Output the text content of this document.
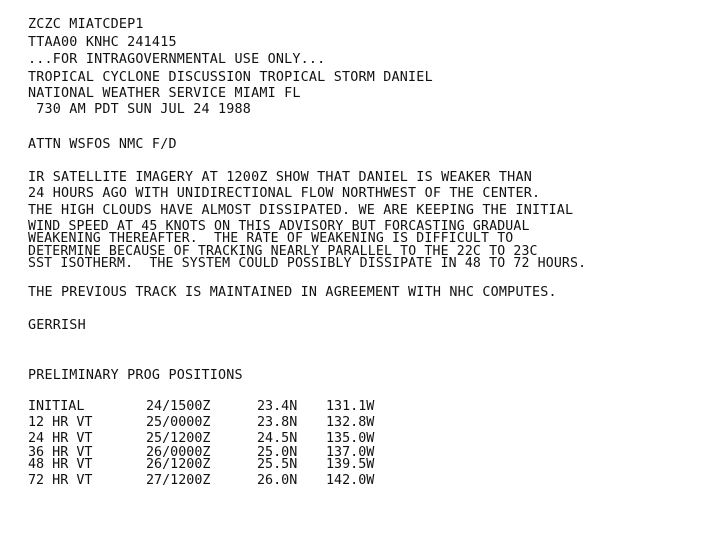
ZCZC MIATCDEP1
TTAA00 KNHC 241415
...FOR INTRAGOVERNMENTAL USE ONLY...
TROPICAL CYCLONE DISCUSSION TROPICAL STORM DANIEL
NATIONAL WEATHER SERVICE MIAMI FL
730 AM PDT SUN JUL 24 1988
ATTN WSFOS NMC F/D
IR SATELLITE IMAGERY AT 1200Z SHOW THAT DANIEL IS WEAKER THAN
24 HOURS AGO WITH UNIDIRECTIONAL FLOW NORTHWEST OF THE CENTER.
THE HIGH CLOUDS HAVE ALMOST DISSIPATED. WE ARE KEEPING THE INITIAL
WIND SPEED AT 45 KNOTS ON THIS ADVISORY BUT FORCASTING GRADUAL
WEAKENING THEREAFTER.  THE RATE OF WEAKENING IS DIFFICULT TO
DETERMINE BECAUSE OF TRACKING NEARLY PARALLEL TO THE 22C TO 23C
SST ISOTHERM.  THE SYSTEM COULD POSSIBLY DISSIPATE IN 48 TO 72 HOURS.
THE PREVIOUS TRACK IS MAINTAINED IN AGREEMENT WITH NHC COMPUTES.
GERRISH
PRELIMINARY PROG POSITIONS
INITIAL	24/1500Z	23.4N 131.1W
12 HR VT	25/0000Z	23.8N 132.8W
24 HR VT	25/1200Z	24.5N 135.0W
36 HR VT	26/0000Z	25.0N 137.0W
48 HR VT	26/1200Z	25.5N 139.5W
72 HR VT	27/1200Z	26.0N 142.0W
